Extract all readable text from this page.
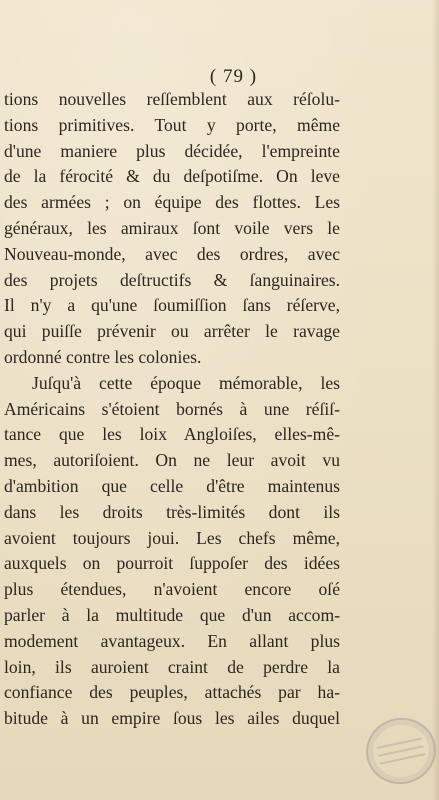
( 79 )
tions nouvelles reſſemblent aux réſolu-
tions primitives. Tout y porte, même
d'une maniere plus décidée, l'empreinte
de la férocité & du deſpotiſme. On leve
des armées ; on équipe des flottes. Les
généraux, les amiraux ſont voile vers le
Nouveau-monde, avec des ordres, avec
des projets deſtructifs & ſanguinaires.
Il n'y a qu'une ſoumiſſion ſans réſerve,
qui puiſſe prévenir ou arrêter le ravage
ordonné contre les colonies.
Juſqu'à cette époque mémorable, les
Américains s'étoient bornés à une réſiſ-
tance que les loix Angloiſes, elles-mê-
mes, autoriſoient. On ne leur avoit vu
d'ambition que celle d'être maintenus
dans les droits très-limités dont ils
avoient toujours joui. Les chefs même,
auxquels on pourroit ſuppoſer des idées
plus étendues, n'avoient encore oſé
parler à la multitude que d'un accom-
modement avantageux. En allant plus
loin, ils auroient craint de perdre la
confiance des peuples, attachés par ha-
bitude à un empire ſous les ailes duquel
